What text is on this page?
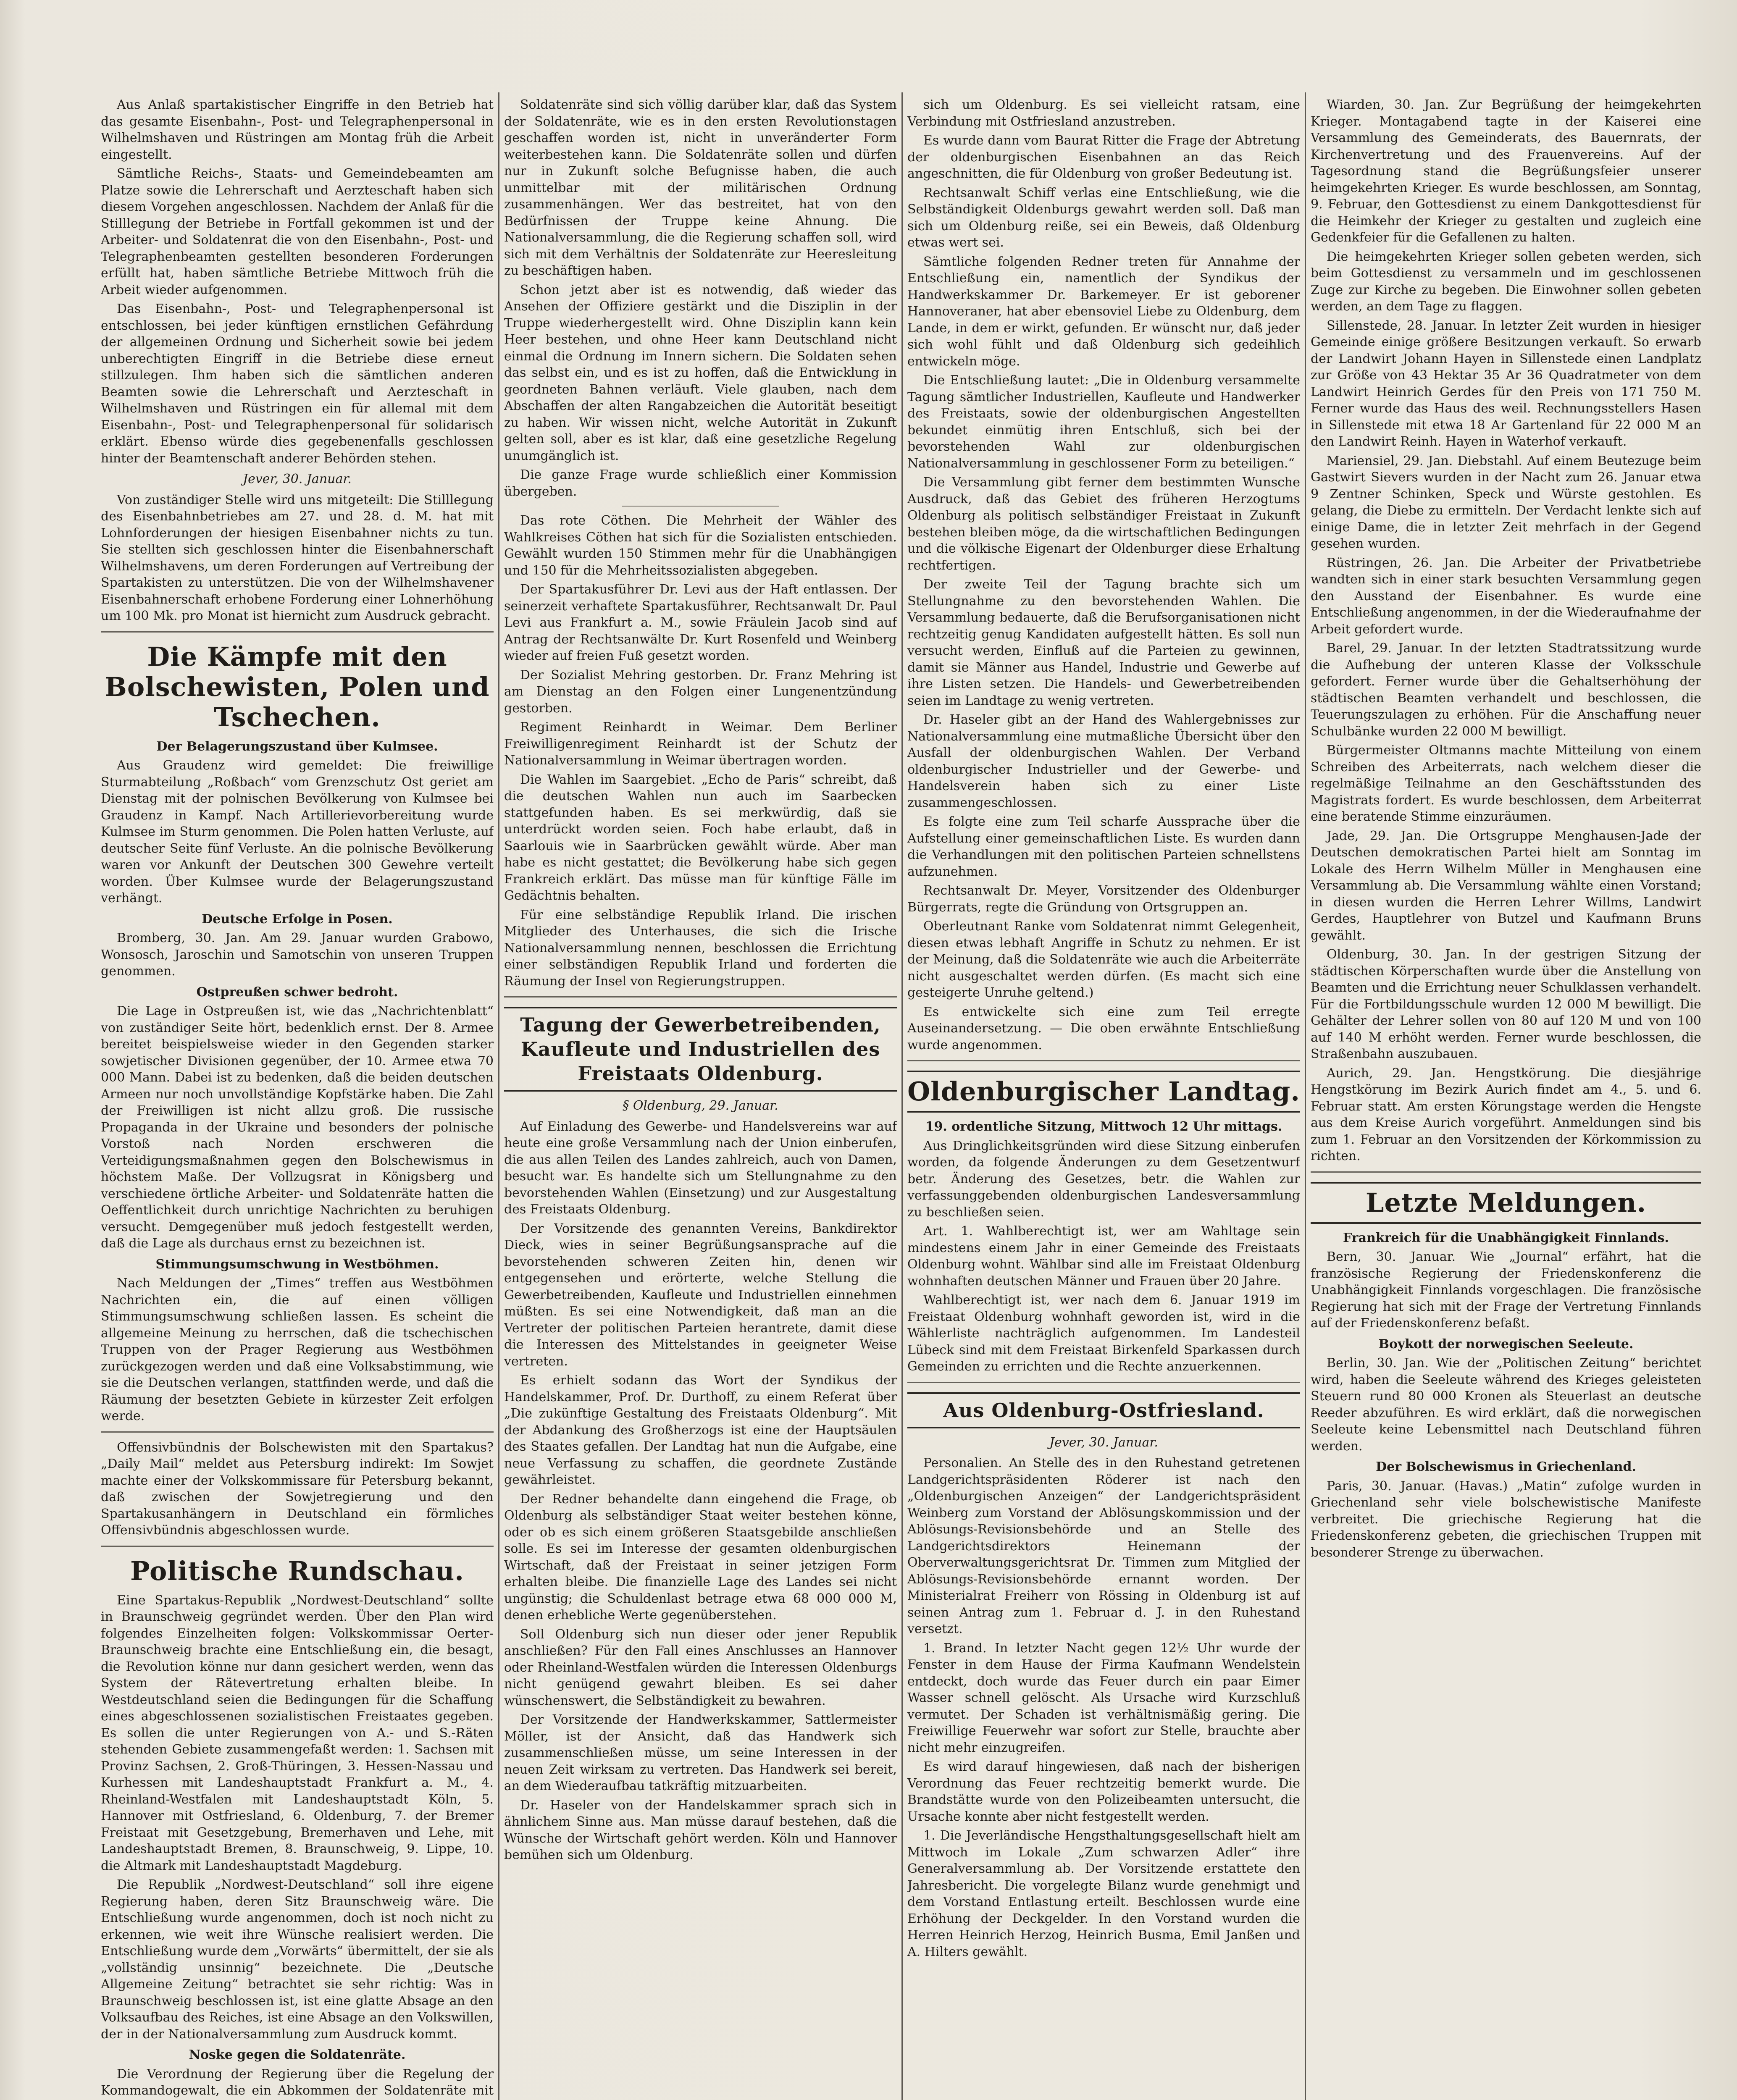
Aus Anlaß spartakistischer Eingriffe in den Betrieb hat das gesamte Eisenbahn-, Post- und Telegraphenpersonal in Wilhelmshaven und Rüstringen am Montag früh die Arbeit eingestellt.

Sämtliche Reichs-, Staats- und Gemeindebeamten am Platze sowie die Lehrerschaft und Aerzteschaft haben sich diesem Vorgehen angeschlossen. Nachdem der Anlaß für die Stilllegung der Betriebe in Fortfall gekommen ist und der Arbeiter- und Soldatenrat die von den Eisenbahn-, Post- und Telegraphenbeamten gestellten besonderen Forderungen erfüllt hat, haben sämtliche Betriebe Mittwoch früh die Arbeit wieder aufgenommen.

Das Eisenbahn-, Post- und Telegraphenpersonal ist entschlossen, bei jeder künftigen ernstlichen Gefährdung der allgemeinen Ordnung und Sicherheit sowie bei jedem unberechtigten Eingriff in die Betriebe diese erneut stillzulegen. Ihm haben sich die sämtlichen anderen Beamten sowie die Lehrerschaft und Aerzteschaft in Wilhelmshaven und Rüstringen ein für allemal mit dem Eisenbahn-, Post- und Telegraphenpersonal für solidarisch erklärt. Ebenso würde dies gegebenenfalls geschlossen hinter der Beamtenschaft anderer Behörden stehen.

Jever, 30. Januar.

Von zuständiger Stelle wird uns mitgeteilt: Die Stilllegung des Eisenbahnbetriebes am 27. und 28. d. M. hat mit Lohnforderungen der hiesigen Eisenbahner nichts zu tun. Sie stellten sich geschlossen hinter die Eisenbahnerschaft Wilhelmshavens, um deren Forderungen auf Vertreibung der Spartakisten zu unterstützen. Die von der Wilhelmshavener Eisenbahnerschaft erhobene Forderung einer Lohnerhöhung um 100 Mk. pro Monat ist hiernicht zum Ausdruck gebracht.

Die Kämpfe mit den Bolschewisten, Polen und Tschechen.

Der Belagerungszustand über Kulmsee.

Aus Graudenz wird gemeldet: Die freiwillige Sturmabteilung „Roßbach“ vom Grenzschutz Ost geriet am Dienstag mit der polnischen Bevölkerung von Kulmsee bei Graudenz in Kampf. Nach Artillerievorbereitung wurde Kulmsee im Sturm genommen. Die Polen hatten Verluste, auf deutscher Seite fünf Verluste. An die polnische Bevölkerung waren vor Ankunft der Deutschen 300 Gewehre verteilt worden. Über Kulmsee wurde der Belagerungszustand verhängt.

Deutsche Erfolge in Posen.

Bromberg, 30. Jan. Am 29. Januar wurden Grabowo, Wonsosch, Jaroschin und Samotschin von unseren Truppen genommen.

Ostpreußen schwer bedroht.

Die Lage in Ostpreußen ist, wie das „Nachrichtenblatt“ von zuständiger Seite hört, bedenklich ernst. Der 8. Armee bereitet beispielsweise wieder in den Gegenden starker sowjetischer Divisionen gegenüber, der 10. Armee etwa 70 000 Mann. Dabei ist zu bedenken, daß die beiden deutschen Armeen nur noch unvollständige Kopfstärke haben. Die Zahl der Freiwilligen ist nicht allzu groß. Die russische Propaganda in der Ukraine und besonders der polnische Vorstoß nach Norden erschweren die Verteidigungsmaßnahmen gegen den Bolschewismus in höchstem Maße. Der Vollzugsrat in Königsberg und verschiedene örtliche Arbeiter- und Soldatenräte hatten die Oeffentlichkeit durch unrichtige Nachrichten zu beruhigen versucht. Demgegenüber muß jedoch festgestellt werden, daß die Lage als durchaus ernst zu bezeichnen ist.

Stimmungsumschwung in Westböhmen.

Nach Meldungen der „Times“ treffen aus Westböhmen Nachrichten ein, die auf einen völligen Stimmungsumschwung schließen lassen. Es scheint die allgemeine Meinung zu herrschen, daß die tschechischen Truppen von der Prager Regierung aus Westböhmen zurückgezogen werden und daß eine Volksabstimmung, wie sie die Deutschen verlangen, stattfinden werde, und daß die Räumung der besetzten Gebiete in kürzester Zeit erfolgen werde.

Offensivbündnis der Bolschewisten mit den Spartakus? „Daily Mail“ meldet aus Petersburg indirekt: Im Sowjet machte einer der Volkskommissare für Petersburg bekannt, daß zwischen der Sowjetregierung und den Spartakusanhängern in Deutschland ein förmliches Offensivbündnis abgeschlossen wurde.

Politische Rundschau.

Eine Spartakus-Republik „Nordwest-Deutschland“ sollte in Braunschweig gegründet werden. Über den Plan wird folgendes Einzelheiten folgen: Volkskommissar Oerter-Braunschweig brachte eine Entschließung ein, die besagt, die Revolution könne nur dann gesichert werden, wenn das System der Rätevertretung erhalten bleibe. In Westdeutschland seien die Bedingungen für die Schaffung eines abgeschlossenen sozialistischen Freistaates gegeben. Es sollen die unter Regierungen von A.- und S.-Räten stehenden Gebiete zusammengefaßt werden: 1. Sachsen mit Provinz Sachsen, 2. Groß-Thüringen, 3. Hessen-Nassau und Kurhessen mit Landeshauptstadt Frankfurt a. M., 4. Rheinland-Westfalen mit Landeshauptstadt Köln, 5. Hannover mit Ostfriesland, 6. Oldenburg, 7. der Bremer Freistaat mit Gesetzgebung, Bremerhaven und Lehe, mit Landeshauptstadt Bremen, 8. Braunschweig, 9. Lippe, 10. die Altmark mit Landeshauptstadt Magdeburg.

Die Republik „Nordwest-Deutschland“ soll ihre eigene Regierung haben, deren Sitz Braunschweig wäre. Die Entschließung wurde angenommen, doch ist noch nicht zu erkennen, wie weit ihre Wünsche realisiert werden. Die Entschließung wurde dem „Vorwärts“ übermittelt, der sie als „vollständig unsinnig“ bezeichnete. Die „Deutsche Allgemeine Zeitung“ betrachtet sie sehr richtig: Was in Braunschweig beschlossen ist, ist eine glatte Absage an den Volksaufbau des Reiches, ist eine Absage an den Volkswillen, der in der Nationalversammlung zum Ausdruck kommt.

Noske gegen die Soldatenräte.

Die Verordnung der Regierung über die Regelung der Kommandogewalt, die ein Abkommen der Soldatenräte mit

Soldatenräte sind sich völlig darüber klar, daß das System der Soldatenräte, wie es in den ersten Revolutionstagen geschaffen worden ist, nicht in unveränderter Form weiterbestehen kann. Die Soldatenräte sollen und dürfen nur in Zukunft solche Befugnisse haben, die auch unmittelbar mit der militärischen Ordnung zusammenhängen. Wer das bestreitet, hat von den Bedürfnissen der Truppe keine Ahnung. Die Nationalversammlung, die die Regierung schaffen soll, wird sich mit dem Verhältnis der Soldatenräte zur Heeresleitung zu beschäftigen haben.

Schon jetzt aber ist es notwendig, daß wieder das Ansehen der Offiziere gestärkt und die Disziplin in der Truppe wiederhergestellt wird. Ohne Disziplin kann kein Heer bestehen, und ohne Heer kann Deutschland nicht einmal die Ordnung im Innern sichern. Die Soldaten sehen das selbst ein, und es ist zu hoffen, daß die Entwicklung in geordneten Bahnen verläuft. Viele glauben, nach dem Abschaffen der alten Rangabzeichen die Autorität beseitigt zu haben. Wir wissen nicht, welche Autorität in Zukunft gelten soll, aber es ist klar, daß eine gesetzliche Regelung unumgänglich ist.

Die ganze Frage wurde schließlich einer Kommission übergeben.

Das rote Cöthen. Die Mehrheit der Wähler des Wahlkreises Cöthen hat sich für die Sozialisten entschieden. Gewählt wurden 150 Stimmen mehr für die Unabhängigen und 150 für die Mehrheitssozialisten abgegeben.

Der Spartakusführer Dr. Levi aus der Haft entlassen. Der seinerzeit verhaftete Spartakusführer, Rechtsanwalt Dr. Paul Levi aus Frankfurt a. M., sowie Fräulein Jacob sind auf Antrag der Rechtsanwälte Dr. Kurt Rosenfeld und Weinberg wieder auf freien Fuß gesetzt worden.

Der Sozialist Mehring gestorben. Dr. Franz Mehring ist am Dienstag an den Folgen einer Lungenentzündung gestorben.

Regiment Reinhardt in Weimar. Dem Berliner Freiwilligenregiment Reinhardt ist der Schutz der Nationalversammlung in Weimar übertragen worden.

Die Wahlen im Saargebiet. „Echo de Paris“ schreibt, daß die deutschen Wahlen nun auch im Saarbecken stattgefunden haben. Es sei merkwürdig, daß sie unterdrückt worden seien. Foch habe erlaubt, daß in Saarlouis wie in Saarbrücken gewählt würde. Aber man habe es nicht gestattet; die Bevölkerung habe sich gegen Frankreich erklärt. Das müsse man für künftige Fälle im Gedächtnis behalten.

Für eine selbständige Republik Irland. Die irischen Mitglieder des Unterhauses, die sich die Irische Nationalversammlung nennen, beschlossen die Errichtung einer selbständigen Republik Irland und forderten die Räumung der Insel von Regierungstruppen.

Tagung der Gewerbetreibenden, Kaufleute und Industriellen des Freistaats Oldenburg.

§ Oldenburg, 29. Januar.

Auf Einladung des Gewerbe- und Handelsvereins war auf heute eine große Versammlung nach der Union einberufen, die aus allen Teilen des Landes zahlreich, auch von Damen, besucht war. Es handelte sich um Stellungnahme zu den bevorstehenden Wahlen (Einsetzung) und zur Ausgestaltung des Freistaats Oldenburg.

Der Vorsitzende des genannten Vereins, Bankdirektor Dieck, wies in seiner Begrüßungsansprache auf die bevorstehenden schweren Zeiten hin, denen wir entgegensehen und erörterte, welche Stellung die Gewerbetreibenden, Kaufleute und Industriellen einnehmen müßten. Es sei eine Notwendigkeit, daß man an die Vertreter der politischen Parteien herantrete, damit diese die Interessen des Mittelstandes in geeigneter Weise vertreten.

Es erhielt sodann das Wort der Syndikus der Handelskammer, Prof. Dr. Durthoff, zu einem Referat über „Die zukünftige Gestaltung des Freistaats Oldenburg“. Mit der Abdankung des Großherzogs ist eine der Hauptsäulen des Staates gefallen. Der Landtag hat nun die Aufgabe, eine neue Verfassung zu schaffen, die geordnete Zustände gewährleistet.

Der Redner behandelte dann eingehend die Frage, ob Oldenburg als selbständiger Staat weiter bestehen könne, oder ob es sich einem größeren Staatsgebilde anschließen solle. Es sei im Interesse der gesamten oldenburgischen Wirtschaft, daß der Freistaat in seiner jetzigen Form erhalten bleibe. Die finanzielle Lage des Landes sei nicht ungünstig; die Schuldenlast betrage etwa 68 000 000 M, denen erhebliche Werte gegenüberstehen.

Soll Oldenburg sich nun dieser oder jener Republik anschließen? Für den Fall eines Anschlusses an Hannover oder Rheinland-Westfalen würden die Interessen Oldenburgs nicht genügend gewahrt bleiben. Es sei daher wünschenswert, die Selbständigkeit zu bewahren.

Der Vorsitzende der Handwerkskammer, Sattlermeister Möller, ist der Ansicht, daß das Handwerk sich zusammenschließen müsse, um seine Interessen in der neuen Zeit wirksam zu vertreten. Das Handwerk sei bereit, an dem Wiederaufbau tatkräftig mitzuarbeiten.

Dr. Haseler von der Handelskammer sprach sich in ähnlichem Sinne aus. Man müsse darauf bestehen, daß die Wünsche der Wirtschaft gehört werden. Köln und Hannover bemühen sich um Oldenburg.

sich um Oldenburg. Es sei vielleicht ratsam, eine Verbindung mit Ostfriesland anzustreben.

Es wurde dann vom Baurat Ritter die Frage der Abtretung der oldenburgischen Eisenbahnen an das Reich angeschnitten, die für Oldenburg von großer Bedeutung ist.

Rechtsanwalt Schiff verlas eine Entschließung, wie die Selbständigkeit Oldenburgs gewahrt werden soll. Daß man sich um Oldenburg reiße, sei ein Beweis, daß Oldenburg etwas wert sei.

Sämtliche folgenden Redner treten für Annahme der Entschließung ein, namentlich der Syndikus der Handwerkskammer Dr. Barkemeyer. Er ist geborener Hannoveraner, hat aber ebensoviel Liebe zu Oldenburg, dem Lande, in dem er wirkt, gefunden. Er wünscht nur, daß jeder sich wohl fühlt und daß Oldenburg sich gedeihlich entwickeln möge.

Die Entschließung lautet: „Die in Oldenburg versammelte Tagung sämtlicher Industriellen, Kaufleute und Handwerker des Freistaats, sowie der oldenburgischen Angestellten bekundet einmütig ihren Entschluß, sich bei der bevorstehenden Wahl zur oldenburgischen Nationalversammlung in geschlossener Form zu beteiligen.“

Die Versammlung gibt ferner dem bestimmten Wunsche Ausdruck, daß das Gebiet des früheren Herzogtums Oldenburg als politisch selbständiger Freistaat in Zukunft bestehen bleiben möge, da die wirtschaftlichen Bedingungen und die völkische Eigenart der Oldenburger diese Erhaltung rechtfertigen.

Der zweite Teil der Tagung brachte sich um Stellungnahme zu den bevorstehenden Wahlen. Die Versammlung bedauerte, daß die Berufsorganisationen nicht rechtzeitig genug Kandidaten aufgestellt hätten. Es soll nun versucht werden, Einfluß auf die Parteien zu gewinnen, damit sie Männer aus Handel, Industrie und Gewerbe auf ihre Listen setzen. Die Handels- und Gewerbetreibenden seien im Landtage zu wenig vertreten.

Dr. Haseler gibt an der Hand des Wahlergebnisses zur Nationalversammlung eine mutmaßliche Übersicht über den Ausfall der oldenburgischen Wahlen. Der Verband oldenburgischer Industrieller und der Gewerbe- und Handelsverein haben sich zu einer Liste zusammengeschlossen.

Es folgte eine zum Teil scharfe Aussprache über die Aufstellung einer gemeinschaftlichen Liste. Es wurden dann die Verhandlungen mit den politischen Parteien schnellstens aufzunehmen.

Rechtsanwalt Dr. Meyer, Vorsitzender des Oldenburger Bürgerrats, regte die Gründung von Ortsgruppen an.

Oberleutnant Ranke vom Soldatenrat nimmt Gelegenheit, diesen etwas lebhaft Angriffe in Schutz zu nehmen. Er ist der Meinung, daß die Soldatenräte wie auch die Arbeiterräte nicht ausgeschaltet werden dürfen. (Es macht sich eine gesteigerte Unruhe geltend.)

Es entwickelte sich eine zum Teil erregte Auseinandersetzung. — Die oben erwähnte Entschließung wurde angenommen.

Oldenburgischer Landtag.

19. ordentliche Sitzung, Mittwoch 12 Uhr mittags.

Aus Dringlichkeitsgründen wird diese Sitzung einberufen worden, da folgende Änderungen zu dem Gesetzentwurf betr. Änderung des Gesetzes, betr. die Wahlen zur verfassunggebenden oldenburgischen Landesversammlung zu beschließen seien.

Art. 1. Wahlberechtigt ist, wer am Wahltage sein mindestens einem Jahr in einer Gemeinde des Freistaats Oldenburg wohnt. Wählbar sind alle im Freistaat Oldenburg wohnhaften deutschen Männer und Frauen über 20 Jahre.

Wahlberechtigt ist, wer nach dem 6. Januar 1919 im Freistaat Oldenburg wohnhaft geworden ist, wird in die Wählerliste nachträglich aufgenommen. Im Landesteil Lübeck sind mit dem Freistaat Birkenfeld Sparkassen durch Gemeinden zu errichten und die Rechte anzuerkennen.

Aus Oldenburg-Ostfriesland.

Jever, 30. Januar.

Personalien. An Stelle des in den Ruhestand getretenen Landgerichtspräsidenten Röderer ist nach den „Oldenburgischen Anzeigen“ der Landgerichtspräsident Weinberg zum Vorstand der Ablösungskommission und der Ablösungs-Revisionsbehörde und an Stelle des Landgerichtsdirektors Heinemann der Oberverwaltungsgerichtsrat Dr. Timmen zum Mitglied der Ablösungs-Revisionsbehörde ernannt worden. Der Ministerialrat Freiherr von Rössing in Oldenburg ist auf seinen Antrag zum 1. Februar d. J. in den Ruhestand versetzt.

1. Brand. In letzter Nacht gegen 12½ Uhr wurde der Fenster in dem Hause der Firma Kaufmann Wendelstein entdeckt, doch wurde das Feuer durch ein paar Eimer Wasser schnell gelöscht. Als Ursache wird Kurzschluß vermutet. Der Schaden ist verhältnismäßig gering. Die Freiwillige Feuerwehr war sofort zur Stelle, brauchte aber nicht mehr einzugreifen.

Es wird darauf hingewiesen, daß nach der bisherigen Verordnung das Feuer rechtzeitig bemerkt wurde. Die Brandstätte wurde von den Polizeibeamten untersucht, die Ursache konnte aber nicht festgestellt werden.

1. Die Jeverländische Hengsthaltungsgesellschaft hielt am Mittwoch im Lokale „Zum schwarzen Adler“ ihre Generalversammlung ab. Der Vorsitzende erstattete den Jahresbericht. Die vorgelegte Bilanz wurde genehmigt und dem Vorstand Entlastung erteilt. Beschlossen wurde eine Erhöhung der Deckgelder. In den Vorstand wurden die Herren Heinrich Herzog, Heinrich Busma, Emil Janßen und A. Hilters gewählt.

Wiarden, 30. Jan. Zur Begrüßung der heimgekehrten Krieger. Montagabend tagte in der Kaiserei eine Versammlung des Gemeinderats, des Bauernrats, der Kirchenvertretung und des Frauenvereins. Auf der Tagesordnung stand die Begrüßungsfeier unserer heimgekehrten Krieger. Es wurde beschlossen, am Sonntag, 9. Februar, den Gottesdienst zu einem Dankgottesdienst für die Heimkehr der Krieger zu gestalten und zugleich eine Gedenkfeier für die Gefallenen zu halten.

Die heimgekehrten Krieger sollen gebeten werden, sich beim Gottesdienst zu versammeln und im geschlossenen Zuge zur Kirche zu begeben. Die Einwohner sollen gebeten werden, an dem Tage zu flaggen.

Sillenstede, 28. Januar. In letzter Zeit wurden in hiesiger Gemeinde einige größere Besitzungen verkauft. So erwarb der Landwirt Johann Hayen in Sillenstede einen Landplatz zur Größe von 43 Hektar 35 Ar 36 Quadratmeter von dem Landwirt Heinrich Gerdes für den Preis von 171 750 M. Ferner wurde das Haus des weil. Rechnungsstellers Hasen in Sillenstede mit etwa 18 Ar Gartenland für 22 000 M an den Landwirt Reinh. Hayen in Waterhof verkauft.

Mariensiel, 29. Jan. Diebstahl. Auf einem Beutezuge beim Gastwirt Sievers wurden in der Nacht zum 26. Januar etwa 9 Zentner Schinken, Speck und Würste gestohlen. Es gelang, die Diebe zu ermitteln. Der Verdacht lenkte sich auf einige Dame, die in letzter Zeit mehrfach in der Gegend gesehen wurden.

Rüstringen, 26. Jan. Die Arbeiter der Privatbetriebe wandten sich in einer stark besuchten Versammlung gegen den Ausstand der Eisenbahner. Es wurde eine Entschließung angenommen, in der die Wiederaufnahme der Arbeit gefordert wurde.

Barel, 29. Januar. In der letzten Stadtratssitzung wurde die Aufhebung der unteren Klasse der Volksschule gefordert. Ferner wurde über die Gehaltserhöhung der städtischen Beamten verhandelt und beschlossen, die Teuerungszulagen zu erhöhen. Für die Anschaffung neuer Schulbänke wurden 22 000 M bewilligt.

Bürgermeister Oltmanns machte Mitteilung von einem Schreiben des Arbeiterrats, nach welchem dieser die regelmäßige Teilnahme an den Geschäftsstunden des Magistrats fordert. Es wurde beschlossen, dem Arbeiterrat eine beratende Stimme einzuräumen.

Jade, 29. Jan. Die Ortsgruppe Menghausen-Jade der Deutschen demokratischen Partei hielt am Sonntag im Lokale des Herrn Wilhelm Müller in Menghausen eine Versammlung ab. Die Versammlung wählte einen Vorstand; in diesen wurden die Herren Lehrer Willms, Landwirt Gerdes, Hauptlehrer von Butzel und Kaufmann Bruns gewählt.

Oldenburg, 30. Jan. In der gestrigen Sitzung der städtischen Körperschaften wurde über die Anstellung von Beamten und die Errichtung neuer Schulklassen verhandelt. Für die Fortbildungsschule wurden 12 000 M bewilligt. Die Gehälter der Lehrer sollen von 80 auf 120 M und von 100 auf 140 M erhöht werden. Ferner wurde beschlossen, die Straßenbahn auszubauen.

Aurich, 29. Jan. Hengstkörung. Die diesjährige Hengstkörung im Bezirk Aurich findet am 4., 5. und 6. Februar statt. Am ersten Körungstage werden die Hengste aus dem Kreise Aurich vorgeführt. Anmeldungen sind bis zum 1. Februar an den Vorsitzenden der Körkommission zu richten.

Letzte Meldungen.

Frankreich für die Unabhängigkeit Finnlands.

Bern, 30. Januar. Wie „Journal“ erfährt, hat die französische Regierung der Friedenskonferenz die Unabhängigkeit Finnlands vorgeschlagen. Die französische Regierung hat sich mit der Frage der Vertretung Finnlands auf der Friedenskonferenz befaßt.

Boykott der norwegischen Seeleute.

Berlin, 30. Jan. Wie der „Politischen Zeitung“ berichtet wird, haben die Seeleute während des Krieges geleisteten Steuern rund 80 000 Kronen als Steuerlast an deutsche Reeder abzuführen. Es wird erklärt, daß die norwegischen Seeleute keine Lebensmittel nach Deutschland führen werden.

Der Bolschewismus in Griechenland.

Paris, 30. Januar. (Havas.) „Matin“ zufolge wurden in Griechenland sehr viele bolschewistische Manifeste verbreitet. Die griechische Regierung hat die Friedenskonferenz gebeten, die griechischen Truppen mit besonderer Strenge zu überwachen.
